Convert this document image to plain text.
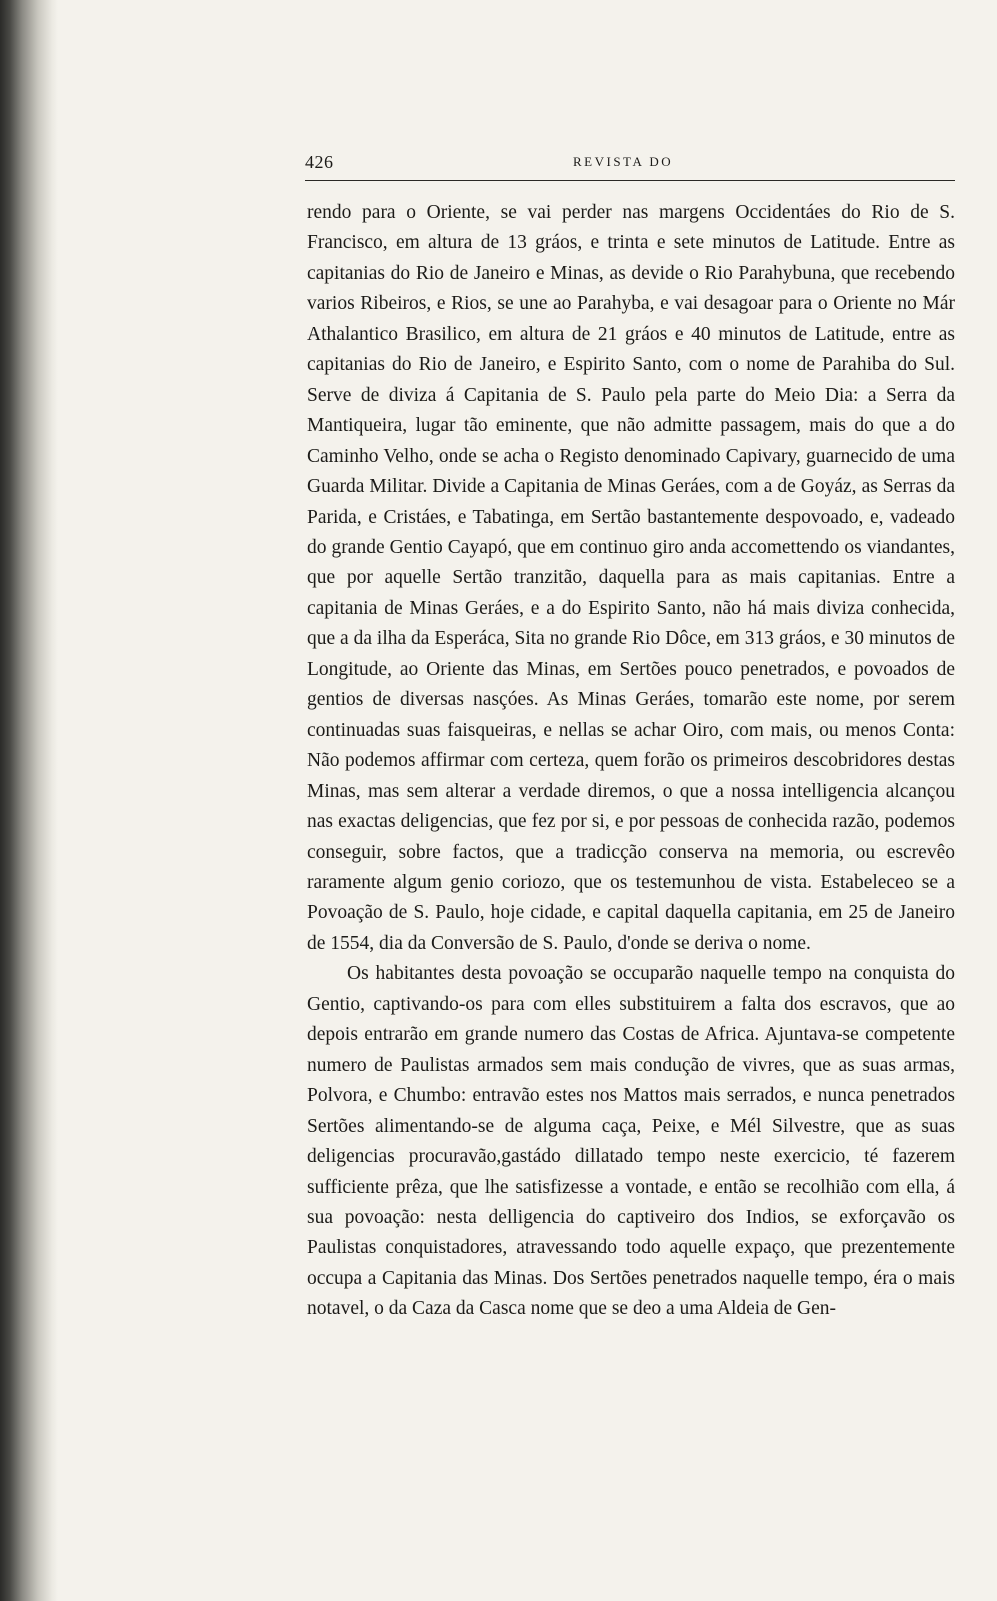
426	REVISTA DO

rendo para o Oriente, se vai perder nas margens Occidentáes do Rio de S. Francisco, em altura de 13 gráos, e trinta e sete minutos de Latitude. Entre as capitanias do Rio de Janeiro e Minas, as devide o Rio Parahybuna, que recebendo varios Ribeiros, e Rios, se une ao Parahyba, e vai desagoar para o Oriente no Már Athalantico Brasilico, em altura de 21 gráos e 40 minutos de Latitude, entre as capitanias do Rio de Janeiro, e Espirito Santo, com o nome de Parahiba do Sul. Serve de diviza á Capitania de S. Paulo pela parte do Meio Dia: a Serra da Mantiqueira, lugar tão eminente, que não admitte passagem, mais do que a do Caminho Velho, onde se acha o Registo denominado Capivary, guarnecido de uma Guarda Militar. Divide a Capitania de Minas Geráes, com a de Goyáz, as Serras da Parida, e Cristáes, e Tabatinga, em Sertão bastantemente despovoado, e, vadeado do grande Gentio Cayapó, que em continuo giro anda accomettendo os viandantes, que por aquelle Sertão tranzitão, daquella para as mais capitanias. Entre a capitania de Minas Geráes, e a do Espirito Santo, não há mais diviza conhecida, que a da ilha da Esperáca, Sita no grande Rio Dôce, em 313 gráos, e 30 minutos de Longitude, ao Oriente das Minas, em Sertões pouco penetrados, e povoados de gentios de diversas nasçóes. As Minas Geráes, tomarão este nome, por serem continuadas suas faisqueiras, e nellas se achar Oiro, com mais, ou menos Conta: Não podemos affirmar com certeza, quem forão os primeiros descobridores destas Minas, mas sem alterar a verdade diremos, o que a nossa intelligencia alcançou nas exactas deligencias, que fez por si, e por pessoas de conhecida razão, podemos conseguir, sobre factos, que a tradicção conserva na memoria, ou escrevêo raramente algum genio coriozo, que os testemunhou de vista. Estabeleceo se a Povoação de S. Paulo, hoje cidade, e capital daquella capitania, em 25 de Janeiro de 1554, dia da Conversão de S. Paulo, d'onde se deriva o nome.

Os habitantes desta povoação se occuparão naquelle tempo na conquista do Gentio, captivando-os para com elles substituirem a falta dos escravos, que ao depois entrarão em grande numero das Costas de Africa. Ajuntava-se competente numero de Paulistas armados sem mais condução de vivres, que as suas armas, Polvora, e Chumbo: entravão estes nos Mattos mais serrados, e nunca penetrados Sertões alimentando-se de alguma caça, Peixe, e Mél Silvestre, que as suas deligencias procuravão,gastádo dillatado tempo neste exercicio, té fazerem sufficiente prêza, que lhe satisfizesse a vontade, e então se recolhião com ella, á sua povoação: nesta delligencia do captiveiro dos Indios, se exforçavão os Paulistas conquistadores, atravessando todo aquelle expaço, que prezentemente occupa a Capitania das Minas. Dos Sertões penetrados naquelle tempo, éra o mais notavel, o da Caza da Casca nome que se deo a uma Aldeia de Gen-
